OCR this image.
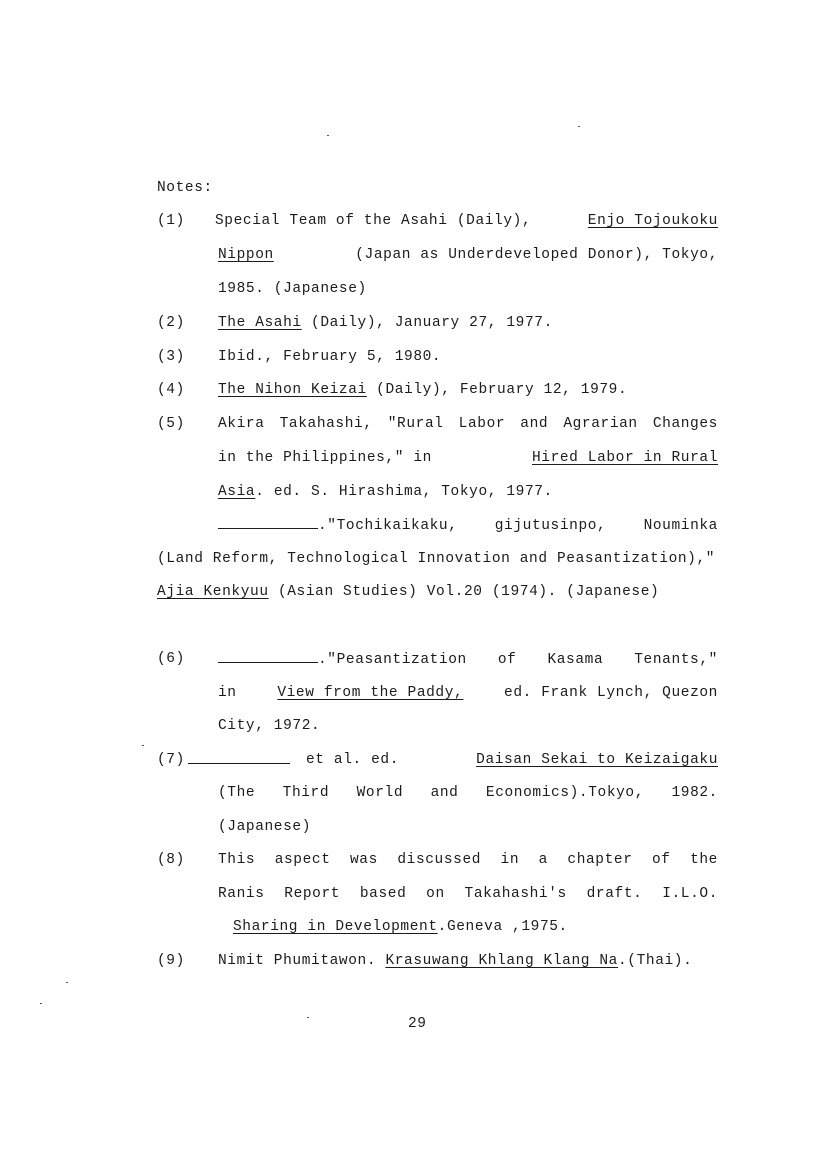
Notes:
(1) Special Team of the Asahi (Daily),	Enjo Tojoukoku
Nippon	(Japan as Underdeveloped Donor), Tokyo,
1985. (Japanese)
(2) The Asahi (Daily), January 27, 1977.
(3) Ibid., February 5, 1980.
(4) The Nihon Keizai (Daily), February 12, 1979.
(5) Akira Takahashi, "Rural Labor and Agrarian Changes
in the Philippines," in	Hired Labor in Rural
Asia. ed. S. Hirashima, Tokyo, 1977.
."Tochikaikaku,	gijutusinpo,	Nouminka
(Land Reform, Technological Innovation and Peasantization),"
Ajia Kenkyuu (Asian Studies) Vol.20 (1974). (Japanese)
(6)	."Peasantization of Kasama Tenants,"
in	View from the Paddy,	ed. Frank Lynch, Quezon
City, 1972.
(7)	et al. ed.	Daisan Sekai to Keizaigaku
(The Third World and Economics).Tokyo, 1982.
(Japanese)
(8) This aspect was discussed in a chapter of the
Ranis Report based on Takahashi's draft. I.L.O.
Sharing in Development.Geneva ,1975.
(9) Nimit Phumitawon. Krasuwang Khlang Klang Na.(Thai).
29
